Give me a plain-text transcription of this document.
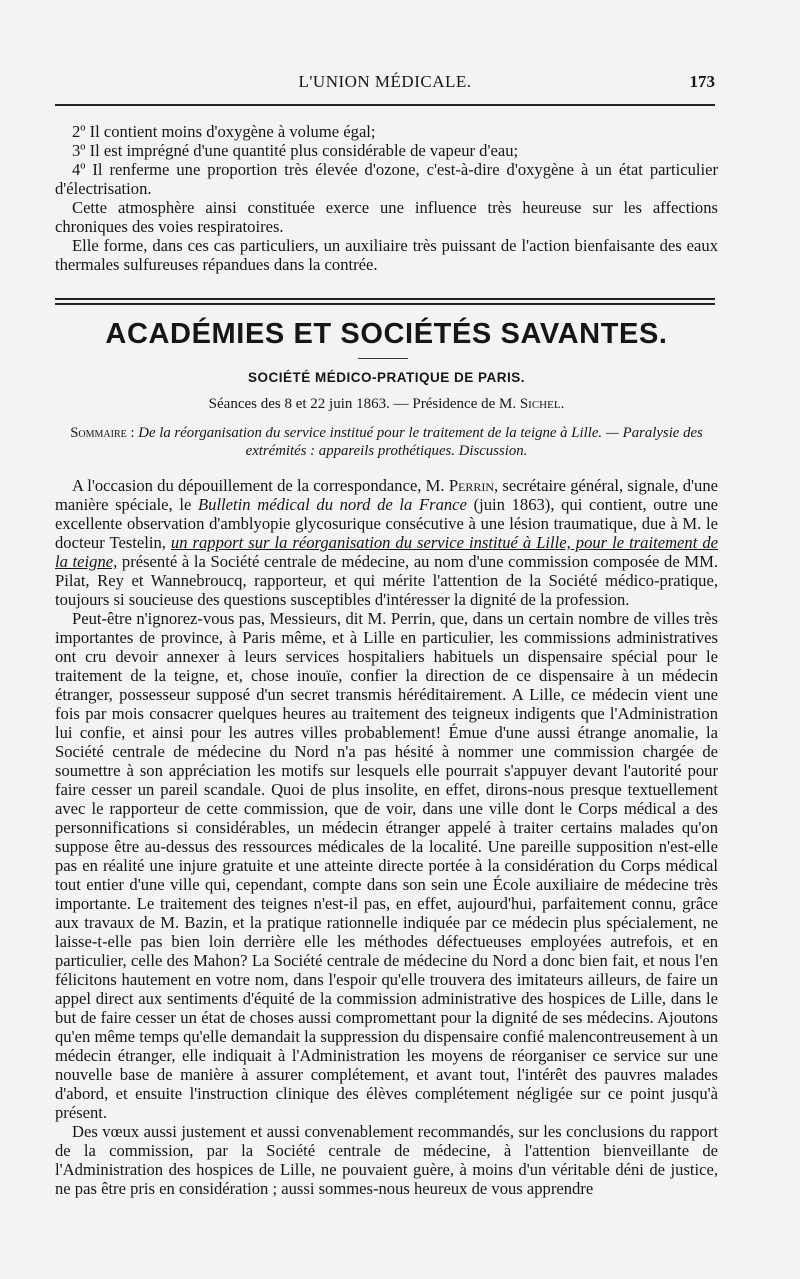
L'UNION MÉDICALE.	173

2º Il contient moins d'oxygène à volume égal;

3º Il est imprégné d'une quantité plus considérable de vapeur d'eau;

4º Il renferme une proportion très élevée d'ozone, c'est-à-dire d'oxygène à un état particulier d'électrisation.

Cette atmosphère ainsi constituée exerce une influence très heureuse sur les affections chroniques des voies respiratoires.

Elle forme, dans ces cas particuliers, un auxiliaire très puissant de l'action bienfaisante des eaux thermales sulfureuses répandues dans la contrée.

ACADÉMIES ET SOCIÉTÉS SAVANTES.
SOCIÉTÉ MÉDICO-PRATIQUE DE PARIS.
Séances des 8 et 22 juin 1863. — Présidence de M. Sichel.
Sommaire : De la réorganisation du service institué pour le traitement de la teigne à Lille. — Paralysie des extrémités : appareils prothétiques. Discussion.

A l'occasion du dépouillement de la correspondance, M. Perrin, secrétaire général, signale, d'une manière spéciale, le Bulletin médical du nord de la France (juin 1863), qui contient, outre une excellente observation d'amblyopie glycosurique consécutive à une lésion traumatique, due à M. le docteur Testelin, un rapport sur la réorganisation du service institué à Lille, pour le traitement de la teigne, présenté à la Société centrale de médecine, au nom d'une commission composée de MM. Pilat, Rey et Wannebroucq, rapporteur, et qui mérite l'attention de la Société médico-pratique, toujours si soucieuse des questions susceptibles d'intéresser la dignité de la profession.

Peut-être n'ignorez-vous pas, Messieurs, dit M. Perrin, que, dans un certain nombre de villes très importantes de province, à Paris même, et à Lille en particulier, les commissions administratives ont cru devoir annexer à leurs services hospitaliers habituels un dispensaire spécial pour le traitement de la teigne, et, chose inouïe, confier la direction de ce dispensaire à un médecin étranger, possesseur supposé d'un secret transmis héréditairement. A Lille, ce médecin vient une fois par mois consacrer quelques heures au traitement des teigneux indigents que l'Administration lui confie, et ainsi pour les autres villes probablement! Émue d'une aussi étrange anomalie, la Société centrale de médecine du Nord n'a pas hésité à nommer une commission chargée de soumettre à son appréciation les motifs sur lesquels elle pourrait s'appuyer devant l'autorité pour faire cesser un pareil scandale. Quoi de plus insolite, en effet, dirons-nous presque textuellement avec le rapporteur de cette commission, que de voir, dans une ville dont le Corps médical a des personnifications si considérables, un médecin étranger appelé à traiter certains malades qu'on suppose être au-dessus des ressources médicales de la localité. Une pareille supposition n'est-elle pas en réalité une injure gratuite et une atteinte directe portée à la considération du Corps médical tout entier d'une ville qui, cependant, compte dans son sein une École auxiliaire de médecine très importante. Le traitement des teignes n'est-il pas, en effet, aujourd'hui, parfaitement connu, grâce aux travaux de M. Bazin, et la pratique rationnelle indiquée par ce médecin plus spécialement, ne laisse-t-elle pas bien loin derrière elle les méthodes défectueuses employées autrefois, et en particulier, celle des Mahon? La Société centrale de médecine du Nord a donc bien fait, et nous l'en félicitons hautement en votre nom, dans l'espoir qu'elle trouvera des imitateurs ailleurs, de faire un appel direct aux sentiments d'équité de la commission administrative des hospices de Lille, dans le but de faire cesser un état de choses aussi compromettant pour la dignité de ses médecins. Ajoutons qu'en même temps qu'elle demandait la suppression du dispensaire confié malencontreusement à un médecin étranger, elle indiquait à l'Administration les moyens de réorganiser ce service sur une nouvelle base de manière à assurer complétement, et avant tout, l'intérêt des pauvres malades d'abord, et ensuite l'instruction clinique des élèves complétement négligée sur ce point jusqu'à présent.

Des vœux aussi justement et aussi convenablement recommandés, sur les conclusions du rapport de la commission, par la Société centrale de médecine, à l'attention bienveillante de l'Administration des hospices de Lille, ne pouvaient guère, à moins d'un véritable déni de justice, ne pas être pris en considération ; aussi sommes-nous heureux de vous apprendre
